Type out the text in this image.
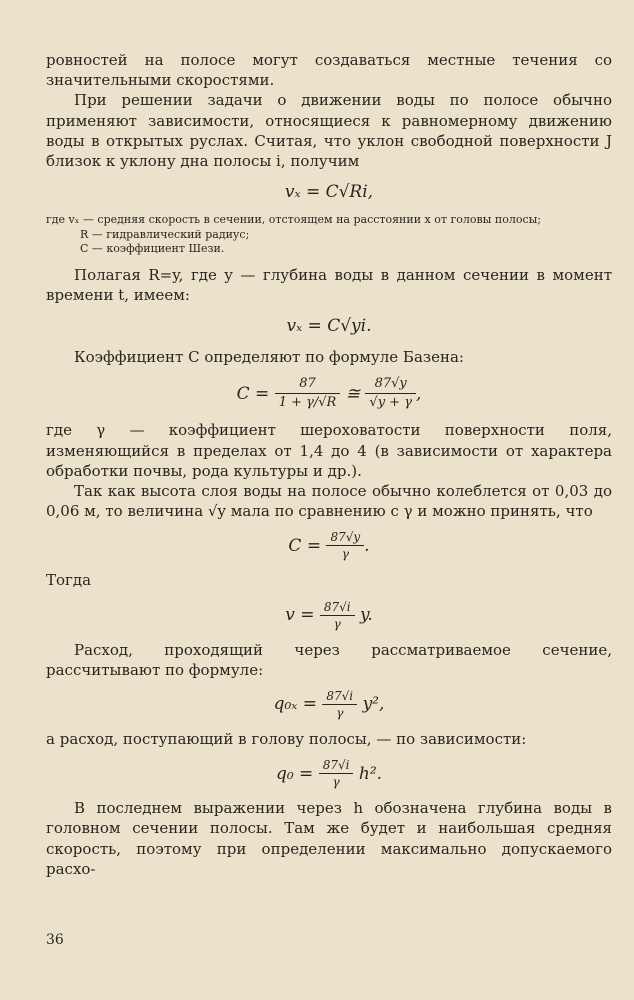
ровностей на полосе могут создаваться местные течения со значительными скоростями.

При решении задачи о движении воды по полосе обычно применяют зависимости, относящиеся к равномерному движению воды в открытых руслах. Считая, что уклон свободной поверхности J близок к уклону дна полосы i, получим

vₓ = C√Ri,
где vₓ — средняя скорость в сечении, отстоящем на расстоянии x от головы полосы;
R — гидравлический радиус;
C — коэффициент Шези.

Полагая R=y, где y — глубина воды в данном сечении в момент времени t, имеем:

vₓ = C√yi.

Коэффициент C определяют по формуле Базена:

C =
$\frac{87}{1 + \gamma/√R}$
≅
$\frac{87√y}{√y + \gamma}$ ,

где γ — коэффициент шероховатости поверхности поля, изменяющийся в пределах от 1,4 до 4 (в зависимости от характера обработки почвы, рода культуры и др.).

Так как высота слоя воды на полосе обычно колеблется от 0,03 до 0,06 м, то величина √y мала по сравнению с γ и можно принять, что

C =
$\frac{87√y}{\gamma}$ .

Тогда

v =
$\frac{87√i}{\gamma}$
y.

Расход, проходящий через рассматриваемое сечение, рассчитывают по формуле:

q₀ₓ =
$\frac{87√i}{\gamma}$
y²,

а расход, поступающий в голову полосы, — по зависимости:

q₀ =
$\frac{87√i}{\gamma}$
h².

В последнем выражении через h обозначена глубина воды в головном сечении полосы. Там же будет и наибольшая средняя скорость, поэтому при определении максимально допускаемого расхо-

36
